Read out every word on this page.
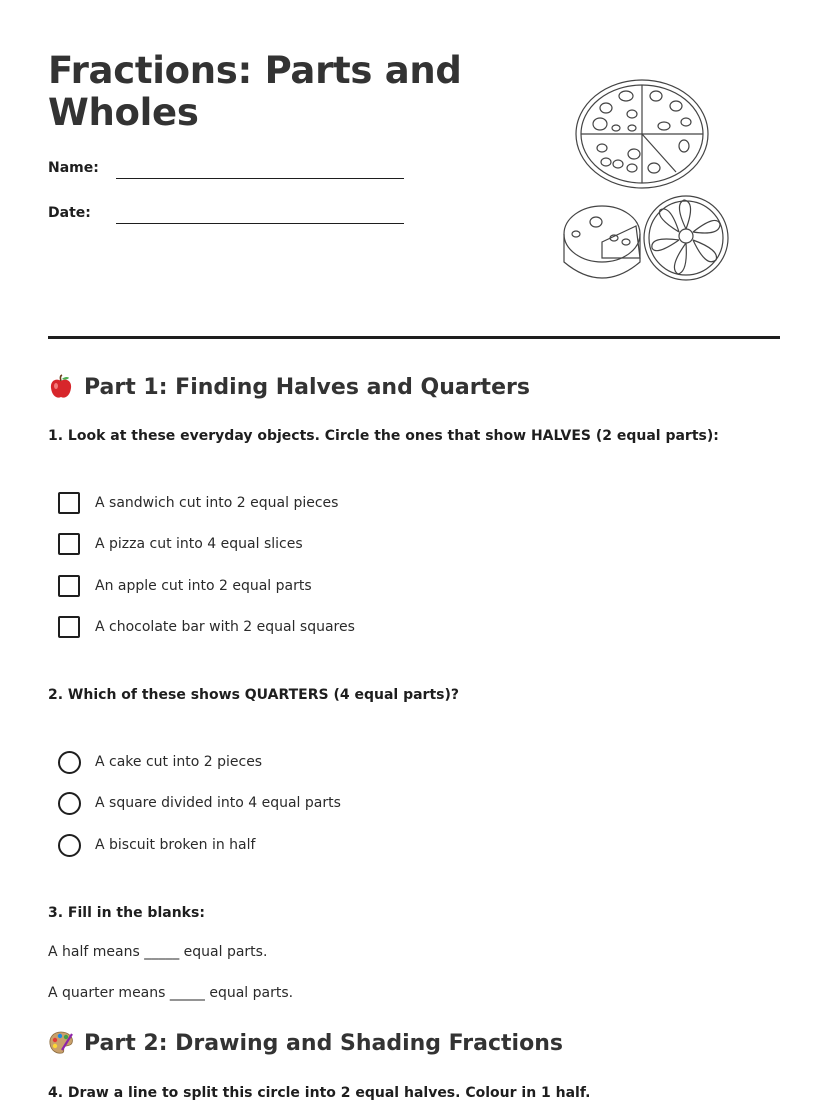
Fractions: Parts and Wholes
Name:
Date:
Part 1: Finding Halves and Quarters
1. Look at these everyday objects. Circle the ones that show HALVES (2 equal parts):
A sandwich cut into 2 equal pieces
A pizza cut into 4 equal slices
An apple cut into 2 equal parts
A chocolate bar with 2 equal squares
2. Which of these shows QUARTERS (4 equal parts)?
A cake cut into 2 pieces
A square divided into 4 equal parts
A biscuit broken in half
3. Fill in the blanks:
A half means _____ equal parts.
A quarter means _____ equal parts.
Part 2: Drawing and Shading Fractions
4. Draw a line to split this circle into 2 equal halves. Colour in 1 half.
